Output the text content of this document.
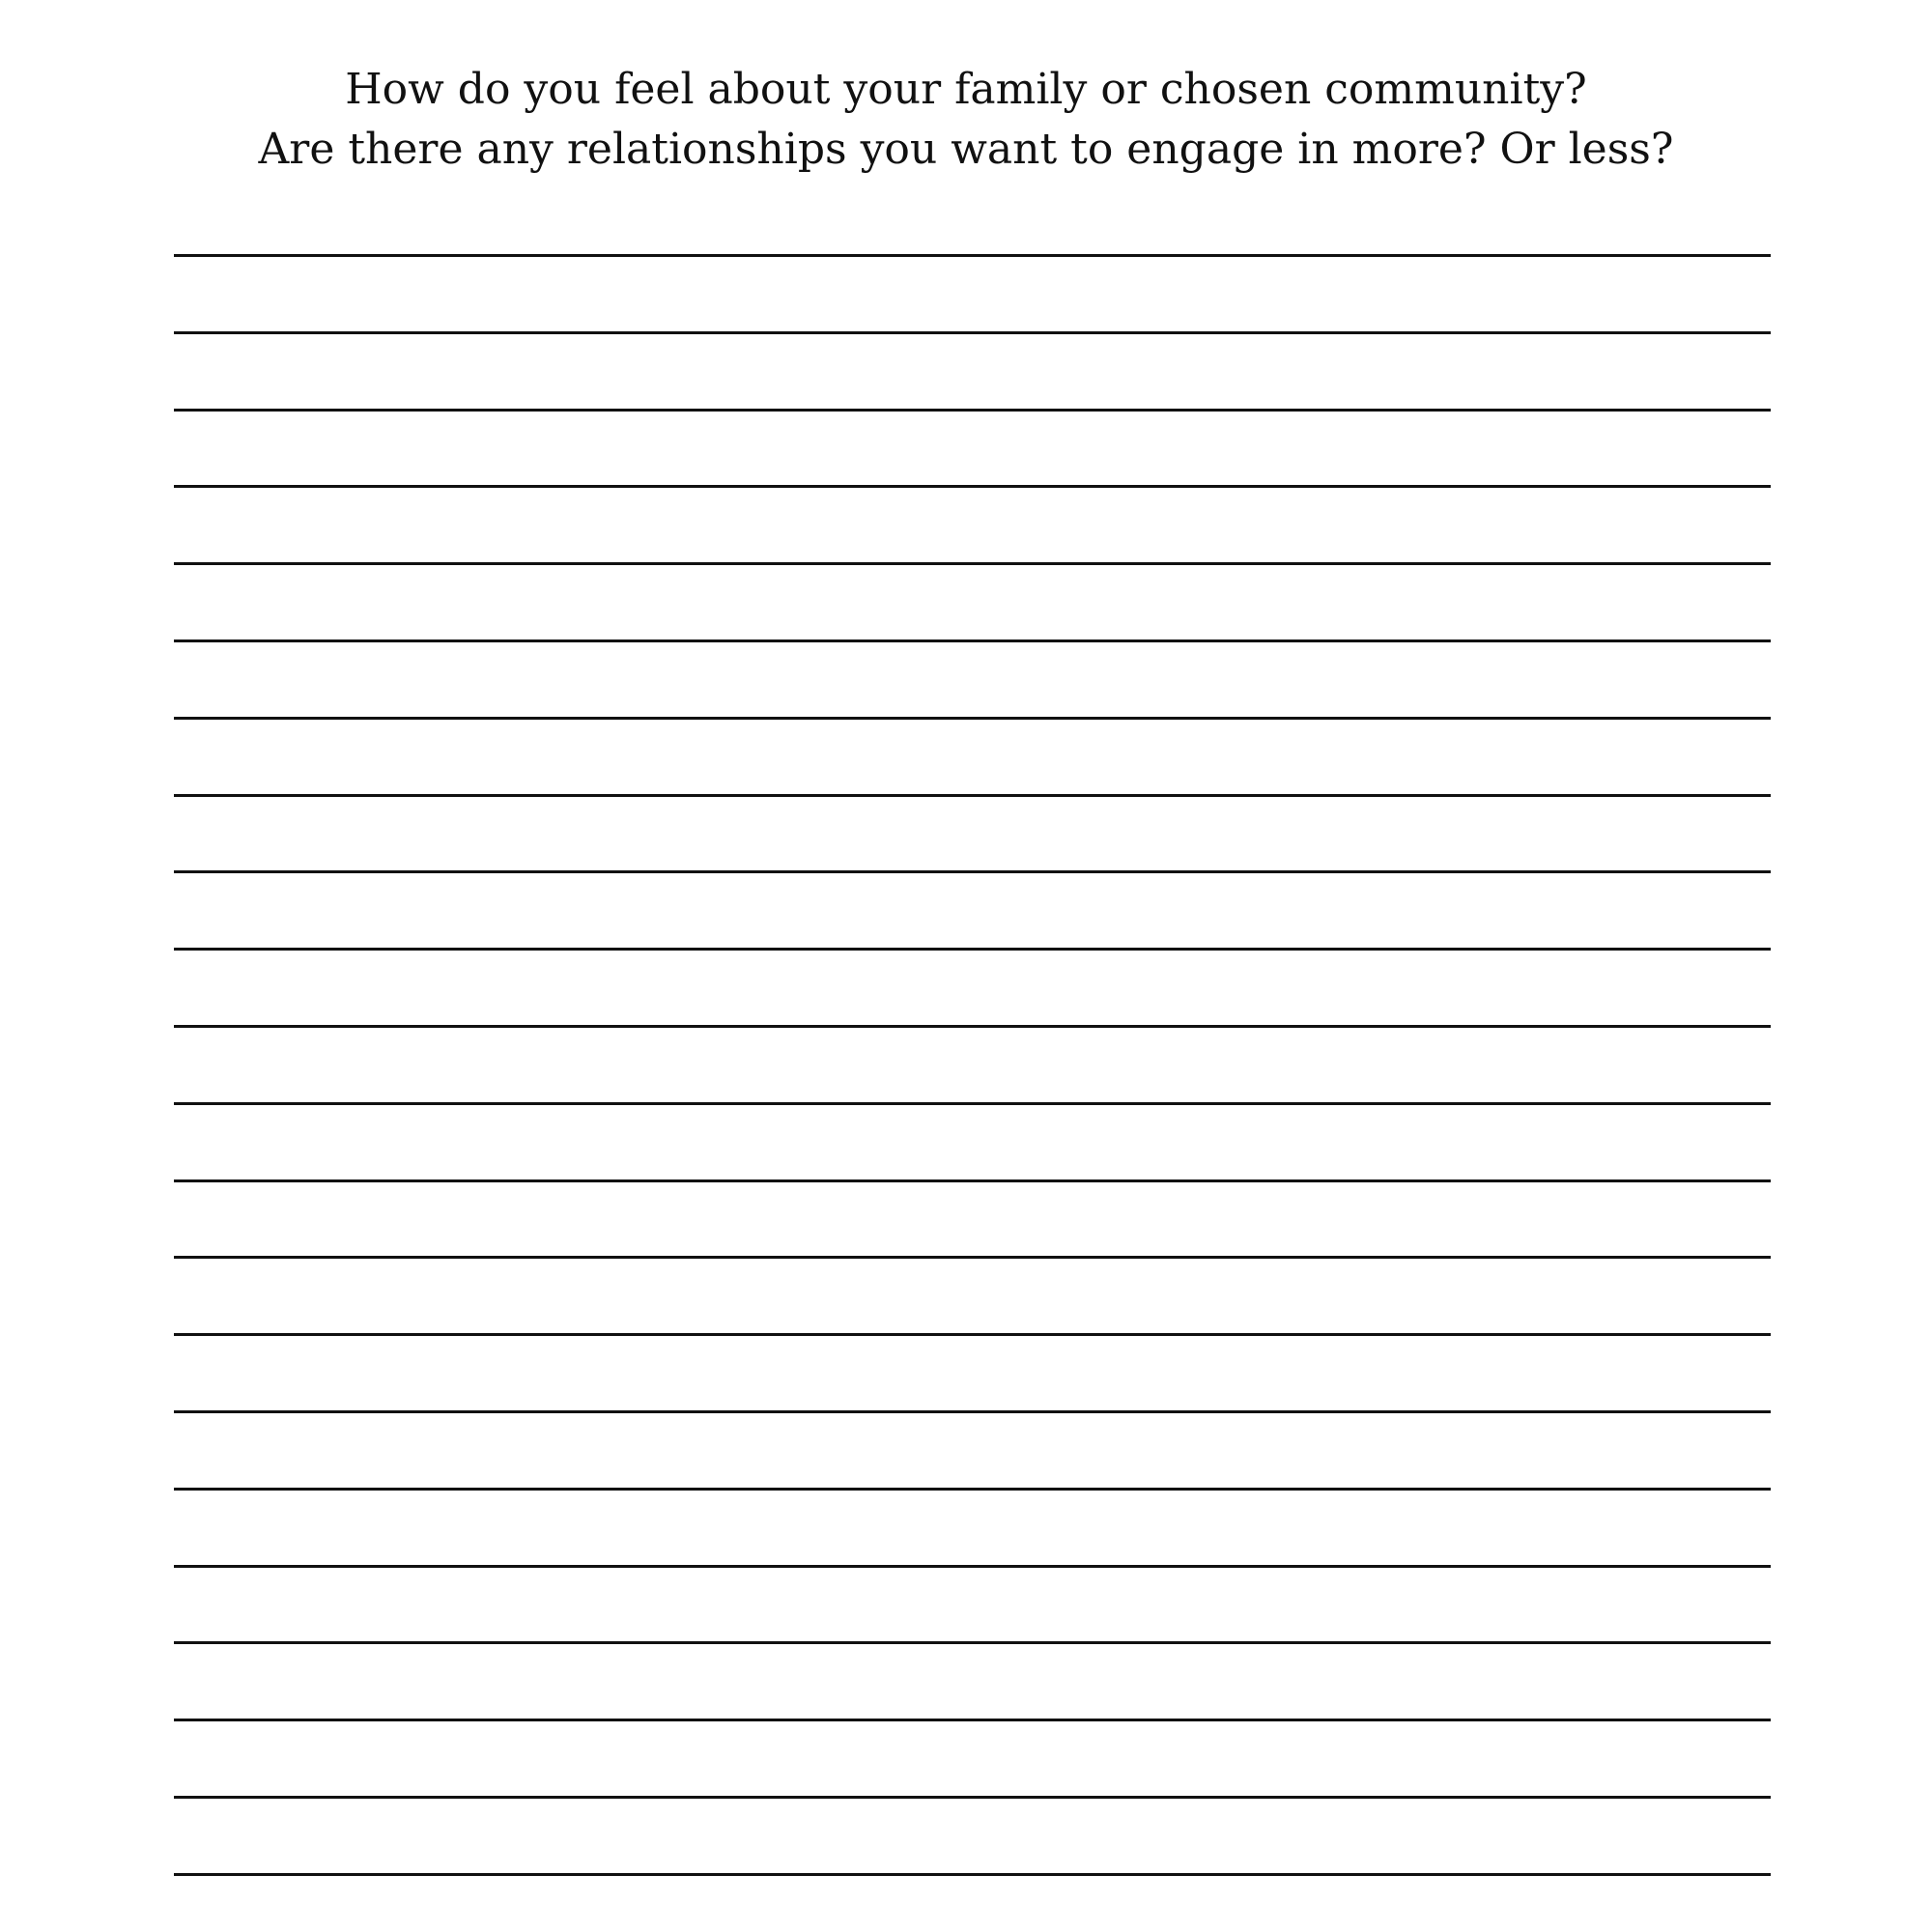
How do you feel about your family or chosen community?
Are there any relationships you want to engage in more? Or less?
